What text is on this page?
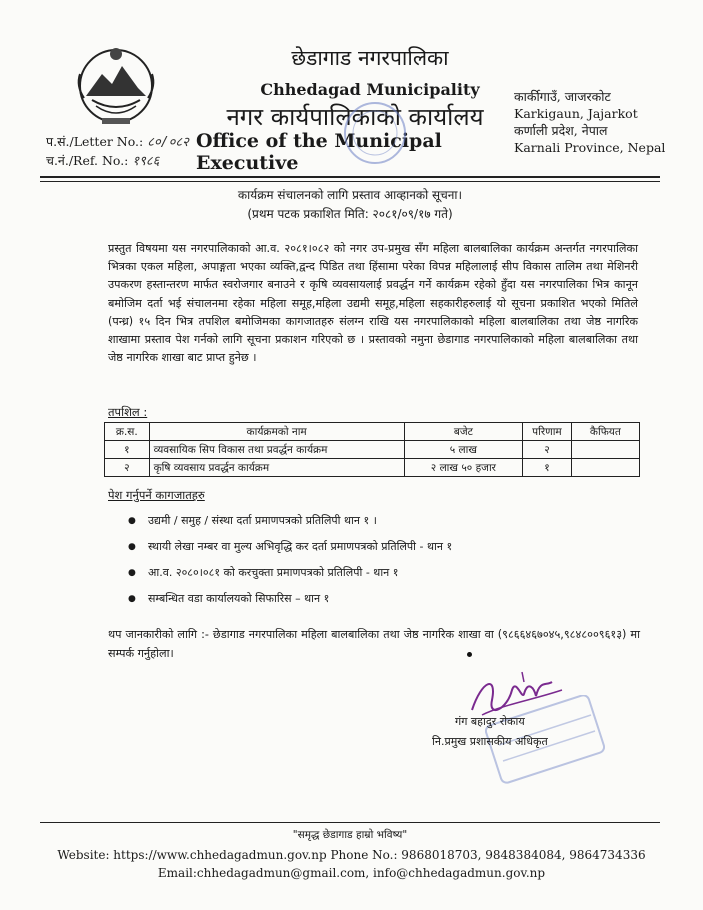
छेडागाड नगरपालिका
Chhedagad Municipality
नगर कार्यपालिकाको कार्यालय
Office of the Municipal Executive
कार्कीगाउँ, जाजरकोट
Karkigaun, Jajarkot
कर्णाली प्रदेश, नेपाल
Karnali Province, Nepal
प.सं./Letter No.: ८०/०८२
च.नं./Ref. No.: १९८६
कार्यक्रम संचालनको लागि प्रस्ताव आव्हानको सूचना।
(प्रथम पटक प्रकाशित मिति: २०८१/०९/१७ गते)
प्रस्तुत विषयमा यस नगरपालिकाको आ.व. २०८१।०८२ को नगर उप-प्रमुख सँग महिला बालबालिका कार्यक्रम अन्तर्गत नगरपालिका भित्रका एकल महिला, अपाङ्गता भएका व्यक्ति,द्वन्द पिडित तथा हिंसामा परेका विपन्न महिलालाई सीप विकास तालिम तथा मेशिनरी उपकरण हस्तान्तरण मार्फत स्वरोजगार बनाउने र कृषि व्यवसायलाई प्रवर्द्धन गर्ने कार्यक्रम रहेको हुँदा यस नगरपालिका भित्र कानून बमोजिम दर्ता भई संचालनमा रहेका महिला समूह,महिला उद्यमी समूह,महिला सहकारीहरुलाई यो सूचना प्रकाशित भएको मितिले (पन्ध्र) १५ दिन भित्र तपशिल बमोजिमका कागजातहरु संलग्न राखि यस नगरपालिकाको महिला बालबालिका तथा जेष्ठ नागरिक शाखामा प्रस्ताव पेश गर्नको लागि सूचना प्रकाशन गरिएको छ । प्रस्तावको नमुना छेडागाड नगरपालिकाको महिला बालबालिका तथा जेष्ठ नागरिक शाखा बाट प्राप्त हुनेछ ।
तपशिल :
क्र.स.	कार्यक्रमको नाम	बजेट	परिणाम	कैफियत
१	व्यवसायिक सिप विकास तथा प्रवर्द्धन कार्यक्रम	५ लाख	२	
२	कृषि व्यवसाय प्रवर्द्धन कार्यक्रम	२ लाख ५० हजार	१	
पेश गर्नुपर्ने कागजातहरु
● उद्यमी / समुह / संस्था दर्ता प्रमाणपत्रको प्रतिलिपी थान १ ।
● स्थायी लेखा नम्बर वा मुल्य अभिवृद्धि कर दर्ता प्रमाणपत्रको प्रतिलिपी - थान १
● आ.व. २०८०।०८१ को करचुक्ता प्रमाणपत्रको प्रतिलिपी - थान १
● सम्बन्धित वडा कार्यालयको सिफारिस – थान १
थप जानकारीको लागि :- छेडागाड नगरपालिका महिला बालबालिका तथा जेष्ठ नागरिक शाखा वा (९८६६४६७०४५,९८४८००९६१३) मा सम्पर्क गर्नुहोला।
गंग बहादुर रोकाय
नि.प्रमुख प्रशासकीय अधिकृत
"समृद्ध छेडागाड हाम्रो भविष्य"
Website: https://www.chhedagadmun.gov.np Phone No.: 9868018703, 9848384084, 9864734336
Email:chhedagadmun@gmail.com, info@chhedagadmun.gov.np
